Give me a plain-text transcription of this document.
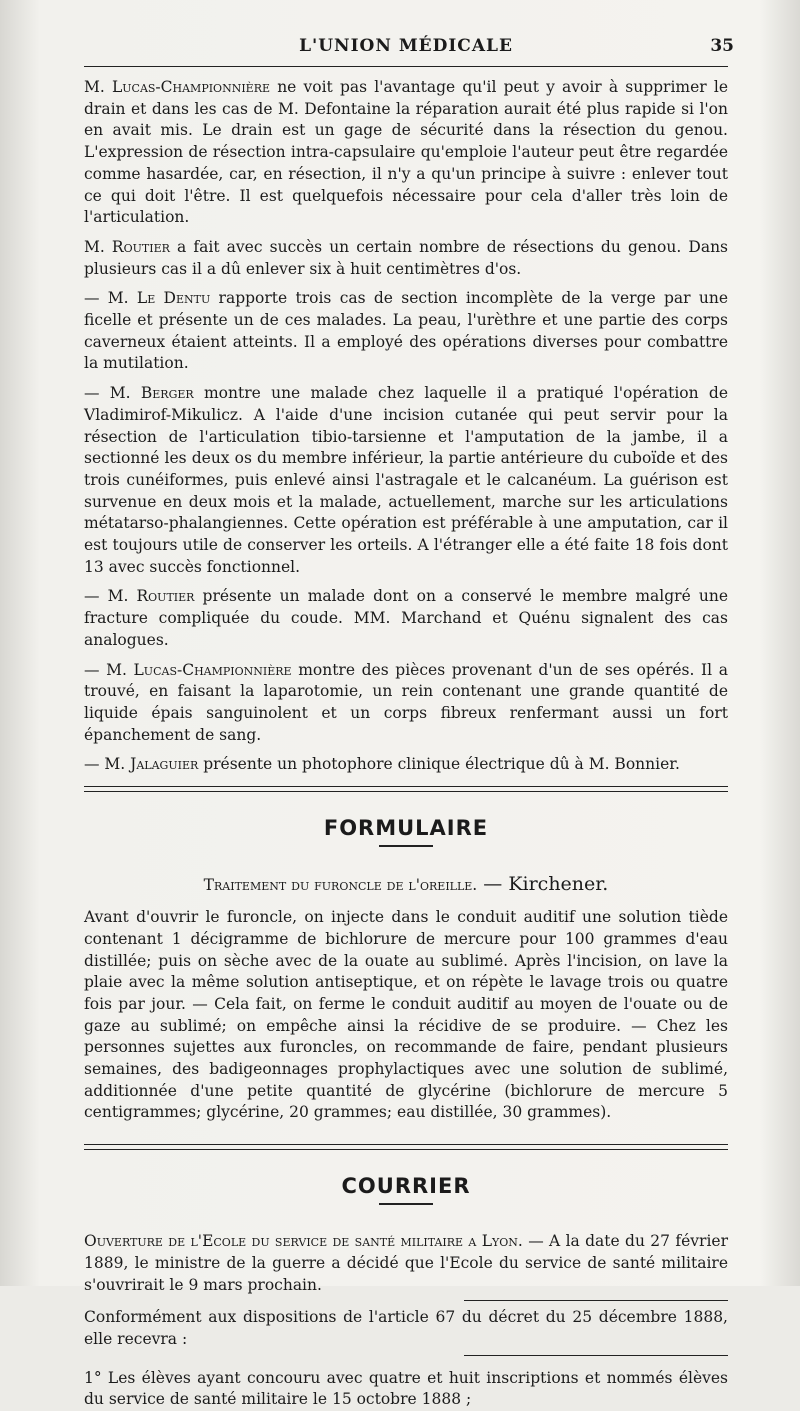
L'UNION MÉDICALE	35

M. Lucas-Championnière ne voit pas l'avantage qu'il peut y avoir à supprimer le drain et dans les cas de M. Defontaine la réparation aurait été plus rapide si l'on en avait mis. Le drain est un gage de sécurité dans la résection du genou. L'expression de résection intra-capsulaire qu'emploie l'auteur peut être regardée comme hasardée, car, en résection, il n'y a qu'un principe à suivre : enlever tout ce qui doit l'être. Il est quelquefois nécessaire pour cela d'aller très loin de l'articulation.

M. Routier a fait avec succès un certain nombre de résections du genou. Dans plusieurs cas il a dû enlever six à huit centimètres d'os.

— M. Le Dentu rapporte trois cas de section incomplète de la verge par une ficelle et présente un de ces malades. La peau, l'urèthre et une partie des corps caverneux étaient atteints. Il a employé des opérations diverses pour combattre la mutilation.

— M. Berger montre une malade chez laquelle il a pratiqué l'opération de Vladimirof-Mikulicz. A l'aide d'une incision cutanée qui peut servir pour la résection de l'articulation tibio-tarsienne et l'amputation de la jambe, il a sectionné les deux os du membre inférieur, la partie antérieure du cuboïde et des trois cunéiformes, puis enlevé ainsi l'astragale et le calcanéum. La guérison est survenue en deux mois et la malade, actuellement, marche sur les articulations métatarso-phalangiennes. Cette opération est préférable à une amputation, car il est toujours utile de conserver les orteils. A l'étranger elle a été faite 18 fois dont 13 avec succès fonctionnel.

— M. Routier présente un malade dont on a conservé le membre malgré une fracture compliquée du coude. MM. Marchand et Quénu signalent des cas analogues.

— M. Lucas-Championnière montre des pièces provenant d'un de ses opérés. Il a trouvé, en faisant la laparotomie, un rein contenant une grande quantité de liquide épais sanguinolent et un corps fibreux renfermant aussi un fort épanchement de sang.

— M. Jalaguier présente un photophore clinique électrique dû à M. Bonnier.

FORMULAIRE
Traitement du furoncle de l'oreille. — Kirchener.

Avant d'ouvrir le furoncle, on injecte dans le conduit auditif une solution tiède contenant 1 décigramme de bichlorure de mercure pour 100 grammes d'eau distillée; puis on sèche avec de la ouate au sublimé. Après l'incision, on lave la plaie avec la même solution antiseptique, et on répète le lavage trois ou quatre fois par jour. — Cela fait, on ferme le conduit auditif au moyen de l'ouate ou de gaze au sublimé; on empêche ainsi la récidive de se produire. — Chez les personnes sujettes aux furoncles, on recommande de faire, pendant plusieurs semaines, des badigeonnages prophylactiques avec une solution de sublimé, additionnée d'une petite quantité de glycérine (bichlorure de mercure 5 centigrammes; glycérine, 20 grammes; eau distillée, 30 grammes).

COURRIER

Ouverture de l'Ecole du service de santé militaire a Lyon. — A la date du 27 février 1889, le ministre de la guerre a décidé que l'Ecole du service de santé militaire s'ouvrirait le 9 mars prochain.

Conformément aux dispositions de l'article 67 du décret du 25 décembre 1888, elle recevra :

1° Les élèves ayant concouru avec quatre et huit inscriptions et nommés élèves du service de santé militaire le 15 octobre 1888 ;
